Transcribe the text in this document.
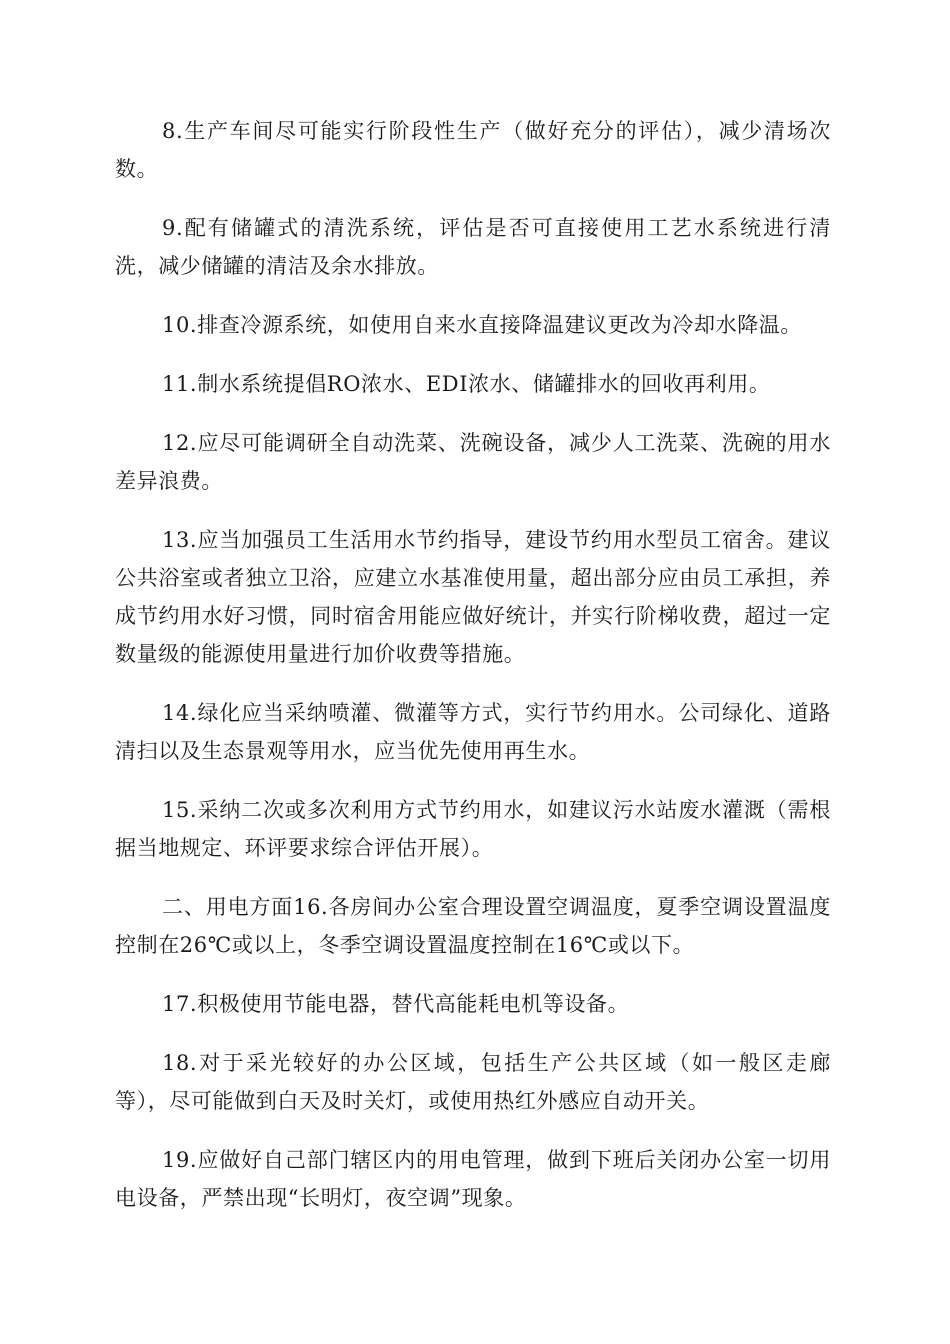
8.生产车间尽可能实行阶段性生产（做好充分的评估），减少清场次数。

9.配有储罐式的清洗系统，评估是否可直接使用工艺水系统进行清洗，减少储罐的清洁及余水排放。

10.排查冷源系统，如使用自来水直接降温建议更改为冷却水降温。

11.制水系统提倡RO浓水、EDI浓水、储罐排水的回收再利用。

12.应尽可能调研全自动洗菜、洗碗设备，减少人工洗菜、洗碗的用水差异浪费。

13.应当加强员工生活用水节约指导，建设节约用水型员工宿舍。建议公共浴室或者独立卫浴，应建立水基准使用量，超出部分应由员工承担，养成节约用水好习惯，同时宿舍用能应做好统计，并实行阶梯收费，超过一定数量级的能源使用量进行加价收费等措施。

14.绿化应当采纳喷灌、微灌等方式，实行节约用水。公司绿化、道路清扫以及生态景观等用水，应当优先使用再生水。

15.采纳二次或多次利用方式节约用水，如建议污水站废水灌溉（需根据当地规定、环评要求综合评估开展）。

二、用电方面16.各房间办公室合理设置空调温度，夏季空调设置温度控制在26℃或以上，冬季空调设置温度控制在16℃或以下。

17.积极使用节能电器，替代高能耗电机等设备。

18.对于采光较好的办公区域，包括生产公共区域（如一般区走廊等），尽可能做到白天及时关灯，或使用热红外感应自动开关。

19.应做好自己部门辖区内的用电管理，做到下班后关闭办公室一切用电设备，严禁出现“长明灯，夜空调”现象。
